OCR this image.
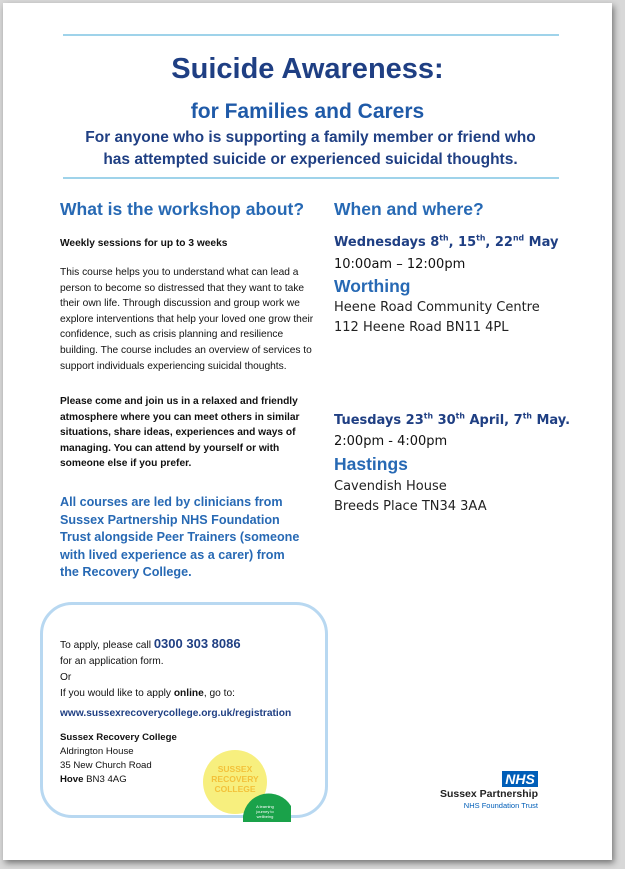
Suicide Awareness:
for Families and Carers
For anyone who is supporting a family member or friend who has attempted suicide or experienced suicidal thoughts.
What is the workshop about?
Weekly sessions for up to 3 weeks
This course helps you to understand what can lead a person to become so distressed that they want to take their own life. Through discussion and group work we explore interventions that help your loved one grow their confidence, such as crisis planning and resilience building. The course includes an overview of services to support individuals experiencing suicidal thoughts.
Please come and join us in a relaxed and friendly atmosphere where you can meet others in similar situations, share ideas, experiences and ways of managing. You can attend by yourself or with someone else if you prefer.
All courses are led by clinicians from Sussex Partnership NHS Foundation Trust alongside Peer Trainers (someone with lived experience as a carer) from the Recovery College.
When and where?
Wednesdays 8th, 15th, 22nd May
10:00am – 12:00pm
Worthing
Heene Road Community Centre
112 Heene Road BN11 4PL
Tuesdays 23th 30th April, 7th May.
2:00pm - 4:00pm
Hastings
Cavendish House
Breeds Place TN34 3AA
To apply, please call 0300 303 8086
for an application form.
Or
If you would like to apply online, go to:
www.sussexrecoverycollege.org.uk/registration
Sussex Recovery College
Aldrington House
35 New Church Road
Hove BN3 4AG
SUSSEX
RECOVERY
COLLEGE
A learning
journey to
wellbeing
NHS
Sussex Partnership
NHS Foundation Trust
